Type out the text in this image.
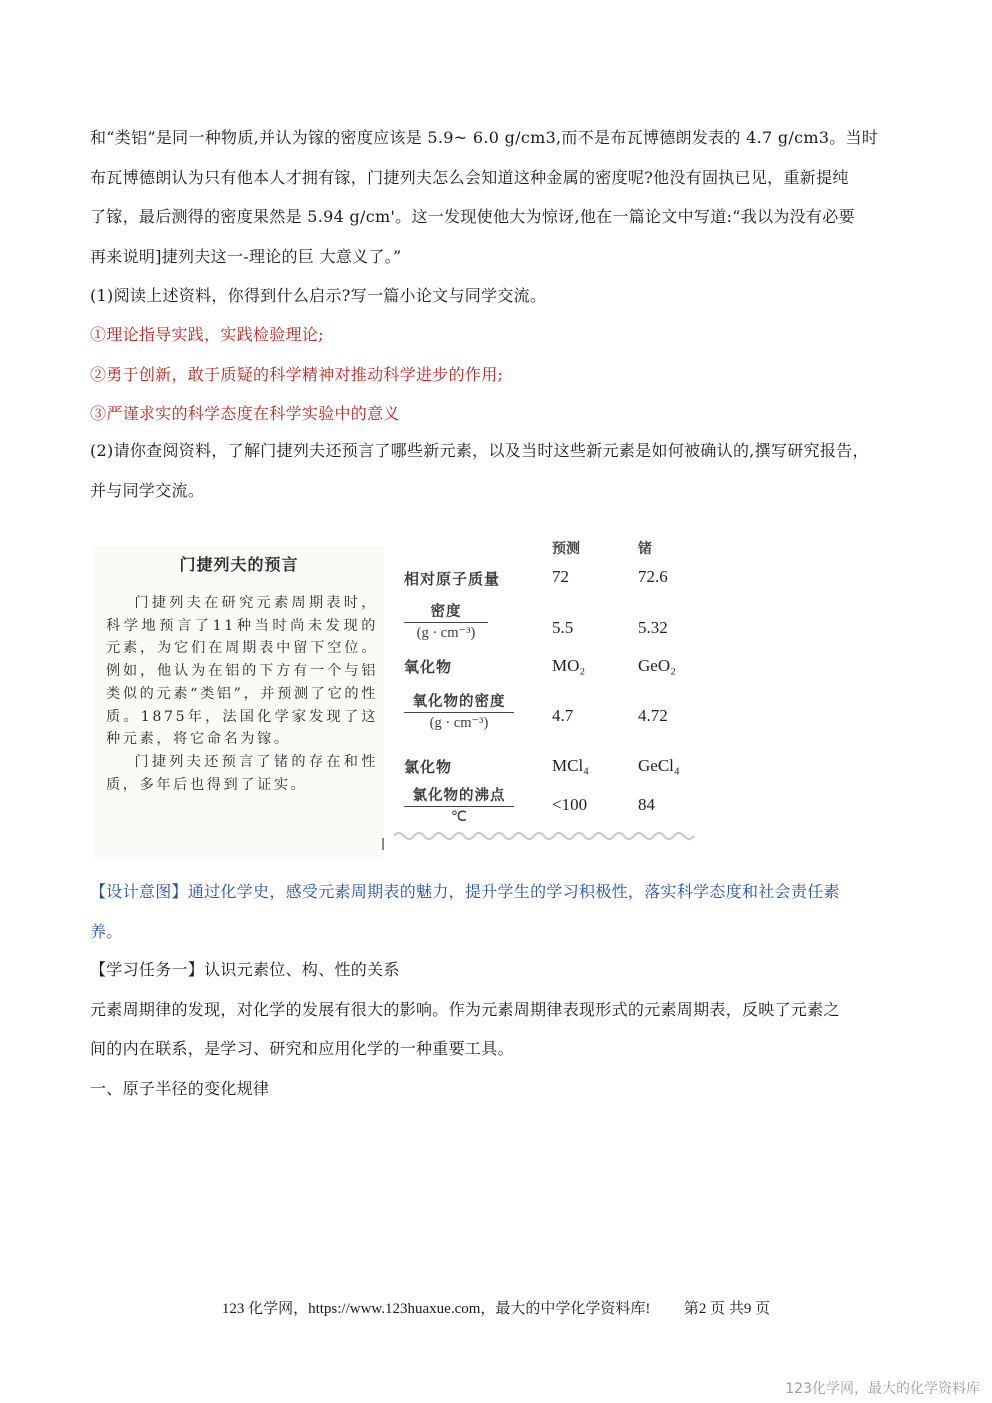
和“类铝”是同一种物质,并认为镓的密度应该是 5.9~ 6.0 g/cm3,而不是布瓦博德朗发表的 4.7 g/cm3。当时
布瓦博德朗认为只有他本人才拥有镓，门捷列夫怎么会知道这种金属的密度呢?他没有固执已见，重新提纯
了镓，最后测得的密度果然是 5.94 g/cm'。这一发现使他大为惊讶,他在一篇论文中写道:“我以为没有必要
再来说明]捷列夫这一-理论的巨 大意义了。”
(1)阅读上述资料，你得到什么启示?写一篇小论文与同学交流。
①理论指导实践，实践检验理论;
②勇于创新，敢于质疑的科学精神对推动科学进步的作用;
③严谨求实的科学态度在科学实验中的意义
(2)请你查阅资料，了解门捷列夫还预言了哪些新元素，以及当时这些新元素是如何被确认的,撰写研究报告，
并与同学交流。
门捷列夫的预言

门捷列夫在研究元素周期表时，科学地预言了11种当时尚未发现的元素，为它们在周期表中留下空位。例如，他认为在铝的下方有一个与铝类似的元素“类铝”，并预测了它的性质。1875年，法国化学家发现了这种元素，将它命名为镓。

门捷列夫还预言了锗的存在和性质，多年后也得到了证实。

预测	锗
相对原子质量	72	72.6
密度
(g · cm⁻³)	5.5	5.32
氧化物	MO₂	GeO₂
氧化物的密度
(g · cm⁻³)	4.7	4.72
氯化物	MCl₄	GeCl₄
氯化物的沸点
℃
<100	84
【设计意图】通过化学史，感受元素周期表的魅力，提升学生的学习积极性，落实科学态度和社会责任素
养。
【学习任务一】认识元素位、构、性的关系
元素周期律的发现，对化学的发展有很大的影响。作为元素周期律表现形式的元素周期表，反映了元素之
间的内在联系，是学习、研究和应用化学的一种重要工具。
一、原子半径的变化规律
123 化学网，https://www.123huaxue.com，最大的中学化学资料库! 第2 页 共9 页
123化学网，最大的化学资料库
